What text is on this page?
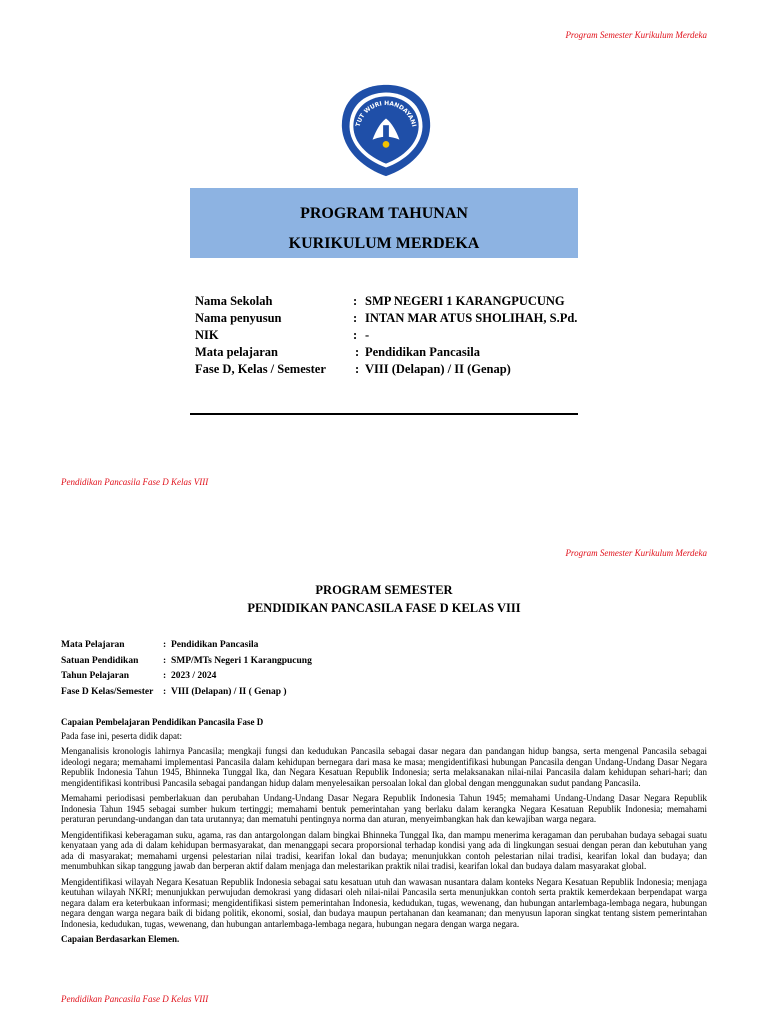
Program Semester Kurikulum Merdeka
TUT WURI HANDAYANI
PROGRAM TAHUNAN
KURIKULUM MERDEKA
Nama Sekolah	: SMP NEGERI 1 KARANGPUCUNG
Nama penyusun	: INTAN MAR ATUS SHOLIHAH, S.Pd.
NIK	: -
Mata pelajaran	: Pendidikan Pancasila
Fase D, Kelas / Semester : VIII (Delapan) / II (Genap)
Pendidikan Pancasila Fase D Kelas VIII
Program Semester Kurikulum Merdeka
PROGRAM SEMESTER
PENDIDIKAN PANCASILA FASE D KELAS VIII
Mata Pelajaran	: Pendidikan Pancasila
Satuan Pendidikan	: SMP/MTs Negeri 1 Karangpucung
Tahun Pelajaran	: 2023 / 2024
Fase D Kelas/Semester : VIII (Delapan) / II ( Genap )
Capaian Pembelajaran Pendidikan Pancasila Fase D

Pada fase ini, peserta didik dapat:

Menganalisis kronologis lahirnya Pancasila; mengkaji fungsi dan kedudukan Pancasila sebagai dasar negara dan pandangan hidup bangsa, serta mengenal Pancasila sebagai ideologi negara; memahami implementasi Pancasila dalam kehidupan bernegara dari masa ke masa; mengidentifikasi hubungan Pancasila dengan Undang-Undang Dasar Negara Republik Indonesia Tahun 1945, Bhinneka Tunggal Ika, dan Negara Kesatuan Republik Indonesia; serta melaksanakan nilai-nilai Pancasila dalam kehidupan sehari-hari; dan mengidentifikasi kontribusi Pancasila sebagai pandangan hidup dalam menyelesaikan persoalan lokal dan global dengan menggunakan sudut pandang Pancasila.

Memahami periodisasi pemberlakuan dan perubahan Undang-Undang Dasar Negara Republik Indonesia Tahun 1945; memahami Undang-Undang Dasar Negara Republik Indonesia Tahun 1945 sebagai sumber hukum tertinggi; memahami bentuk pemerintahan yang berlaku dalam kerangka Negara Kesatuan Republik Indonesia; memahami peraturan perundang-undangan dan tata urutannya; dan mematuhi pentingnya norma dan aturan, menyeimbangkan hak dan kewajiban warga negara.

Mengidentifikasi keberagaman suku, agama, ras dan antargolongan dalam bingkai Bhinneka Tunggal Ika, dan mampu menerima keragaman dan perubahan budaya sebagai suatu kenyataan yang ada di dalam kehidupan bermasyarakat, dan menanggapi secara proporsional terhadap kondisi yang ada di lingkungan sesuai dengan peran dan kebutuhan yang ada di masyarakat; memahami urgensi pelestarian nilai tradisi, kearifan lokal dan budaya; menunjukkan contoh pelestarian nilai tradisi, kearifan lokal dan budaya; dan menumbuhkan sikap tanggung jawab dan berperan aktif dalam menjaga dan melestarikan praktik nilai tradisi, kearifan lokal dan budaya dalam masyarakat global.

Mengidentifikasi wilayah Negara Kesatuan Republik Indonesia sebagai satu kesatuan utuh dan wawasan nusantara dalam konteks Negara Kesatuan Republik Indonesia; menjaga keutuhan wilayah NKRI; menunjukkan perwujudan demokrasi yang didasari oleh nilai-nilai Pancasila serta menunjukkan contoh serta praktik kemerdekaan berpendapat warga negara dalam era keterbukaan informasi; mengidentifikasi sistem pemerintahan Indonesia, kedudukan, tugas, wewenang, dan hubungan antarlembaga-lembaga negara, hubungan negara dengan warga negara baik di bidang politik, ekonomi, sosial, dan budaya maupun pertahanan dan keamanan; dan menyusun laporan singkat tentang sistem pemerintahan Indonesia, kedudukan, tugas, wewenang, dan hubungan antarlembaga-lembaga negara, hubungan negara dengan warga negara.

Capaian Berdasarkan Elemen.
Pendidikan Pancasila Fase D Kelas VIII
